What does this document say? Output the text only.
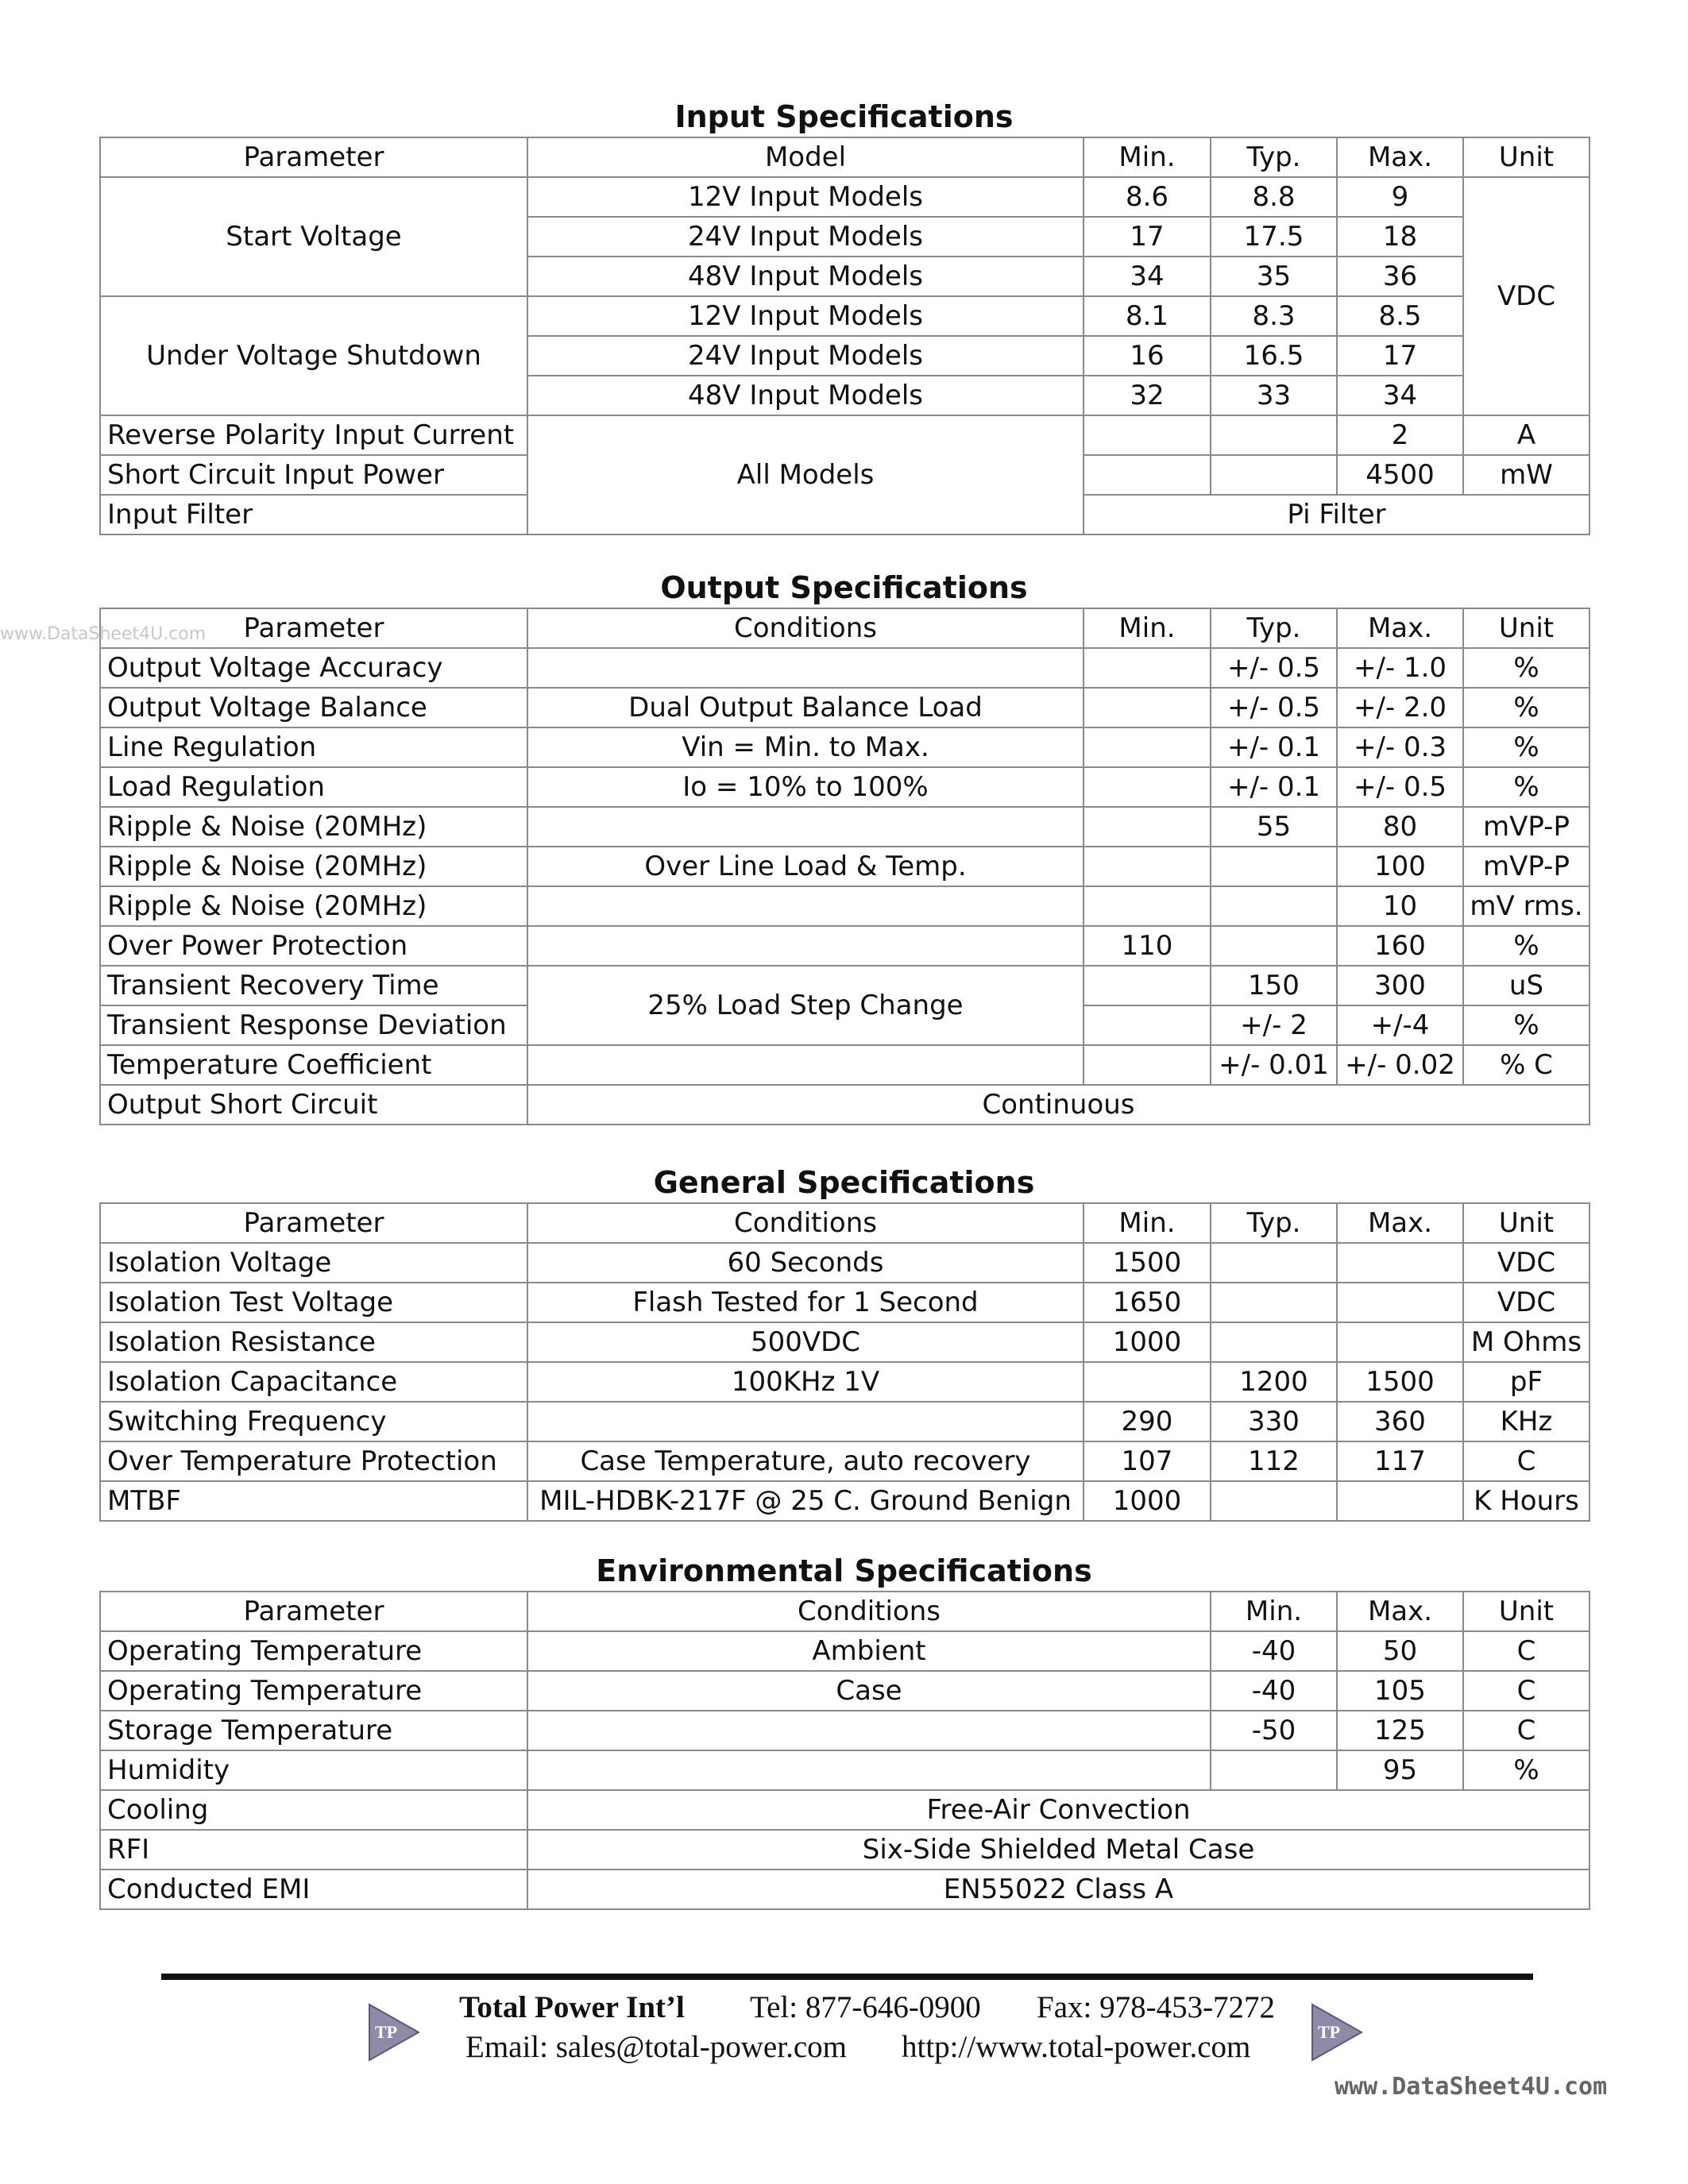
www.DataSheet4U.com
Input Specifications
Parameter	Model	Min.	Typ.	Max.	Unit
Start Voltage	12V Input Models	8.6	8.8	9	VDC
	24V Input Models	17	17.5	18	
	48V Input Models	34	35	36	
Under Voltage Shutdown	12V Input Models	8.1	8.3	8.5	
	24V Input Models	16	16.5	17	
	48V Input Models	32	33	34	
Reverse Polarity Input Current	All Models			2	A
Short Circuit Input Power				4500	mW
Input Filter		Pi Filter			
Output Specifications
Parameter	Conditions	Min.	Typ.	Max.	Unit
Output Voltage Accuracy			+/- 0.5	+/- 1.0	%
Output Voltage Balance	Dual Output Balance Load		+/- 0.5	+/- 2.0	%
Line Regulation	Vin = Min. to Max.		+/- 0.1	+/- 0.3	%
Load Regulation	Io = 10% to 100%		+/- 0.1	+/- 0.5	%
Ripple & Noise (20MHz)			55	80	mVP-P
Ripple & Noise (20MHz)	Over Line Load & Temp.			100	mVP-P
Ripple & Noise (20MHz)				10	mV rms.
Over Power Protection		110		160	%
Transient Recovery Time	25% Load Step Change		150	300	uS
Transient Response Deviation			+/- 2	+/-4	%
Temperature Coefficient			+/- 0.01	+/- 0.02	% C
Output Short Circuit	Continuous				
General Specifications
Parameter	Conditions	Min.	Typ.	Max.	Unit
Isolation Voltage	60 Seconds	1500			VDC
Isolation Test Voltage	Flash Tested for 1 Second	1650			VDC
Isolation Resistance	500VDC	1000			M Ohms
Isolation Capacitance	100KHz 1V		1200	1500	pF
Switching Frequency		290	330	360	KHz
Over Temperature Protection	Case Temperature, auto recovery	107	112	117	C
MTBF	MIL-HDBK-217F @ 25 C. Ground Benign	1000			K Hours
Environmental Specifications
Parameter	Conditions	Min.	Max.	Unit
Operating Temperature	Ambient	-40	50	C
Operating Temperature	Case	-40	105	C
Storage Temperature		-50	125	C
Humidity			95	%
Cooling	Free-Air Convection			
RFI	Six-Side Shielded Metal Case			
Conducted EMI	EN55022 Class A			
TP	TP
Total Power Int’l Tel: 877-646-0900 Fax: 978-453-7272
Email: sales@total-power.com http://www.total-power.com
www.DataSheet4U.com
